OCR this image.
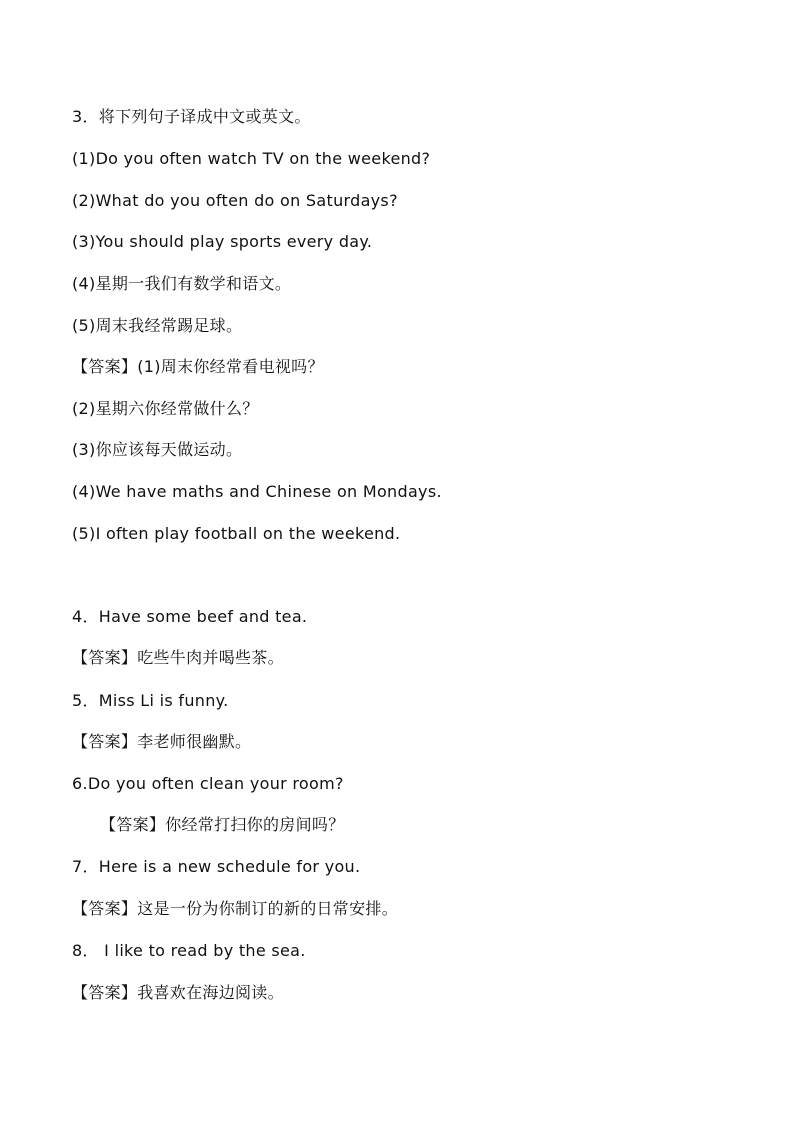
3．将下列句子译成中文或英文。
(1)Do you often watch TV on the weekend?
(2)What do you often do on Saturdays?
(3)You should play sports every day.
(4)星期一我们有数学和语文。
(5)周末我经常踢足球。
【答案】(1)周末你经常看电视吗？
(2)星期六你经常做什么？
(3)你应该每天做运动。
(4)We have maths and Chinese on Mondays.
(5)I often play football on the weekend.
4．Have some beef and tea.
【答案】吃些牛肉并喝些茶。
5．Miss Li is funny.
【答案】李老师很幽默。
6.Do you often clean your room?
【答案】你经常打扫你的房间吗？
7．Here is a new schedule for you.
【答案】这是一份为你制订的新的日常安排。
8． I like to read by the sea.
【答案】我喜欢在海边阅读。
